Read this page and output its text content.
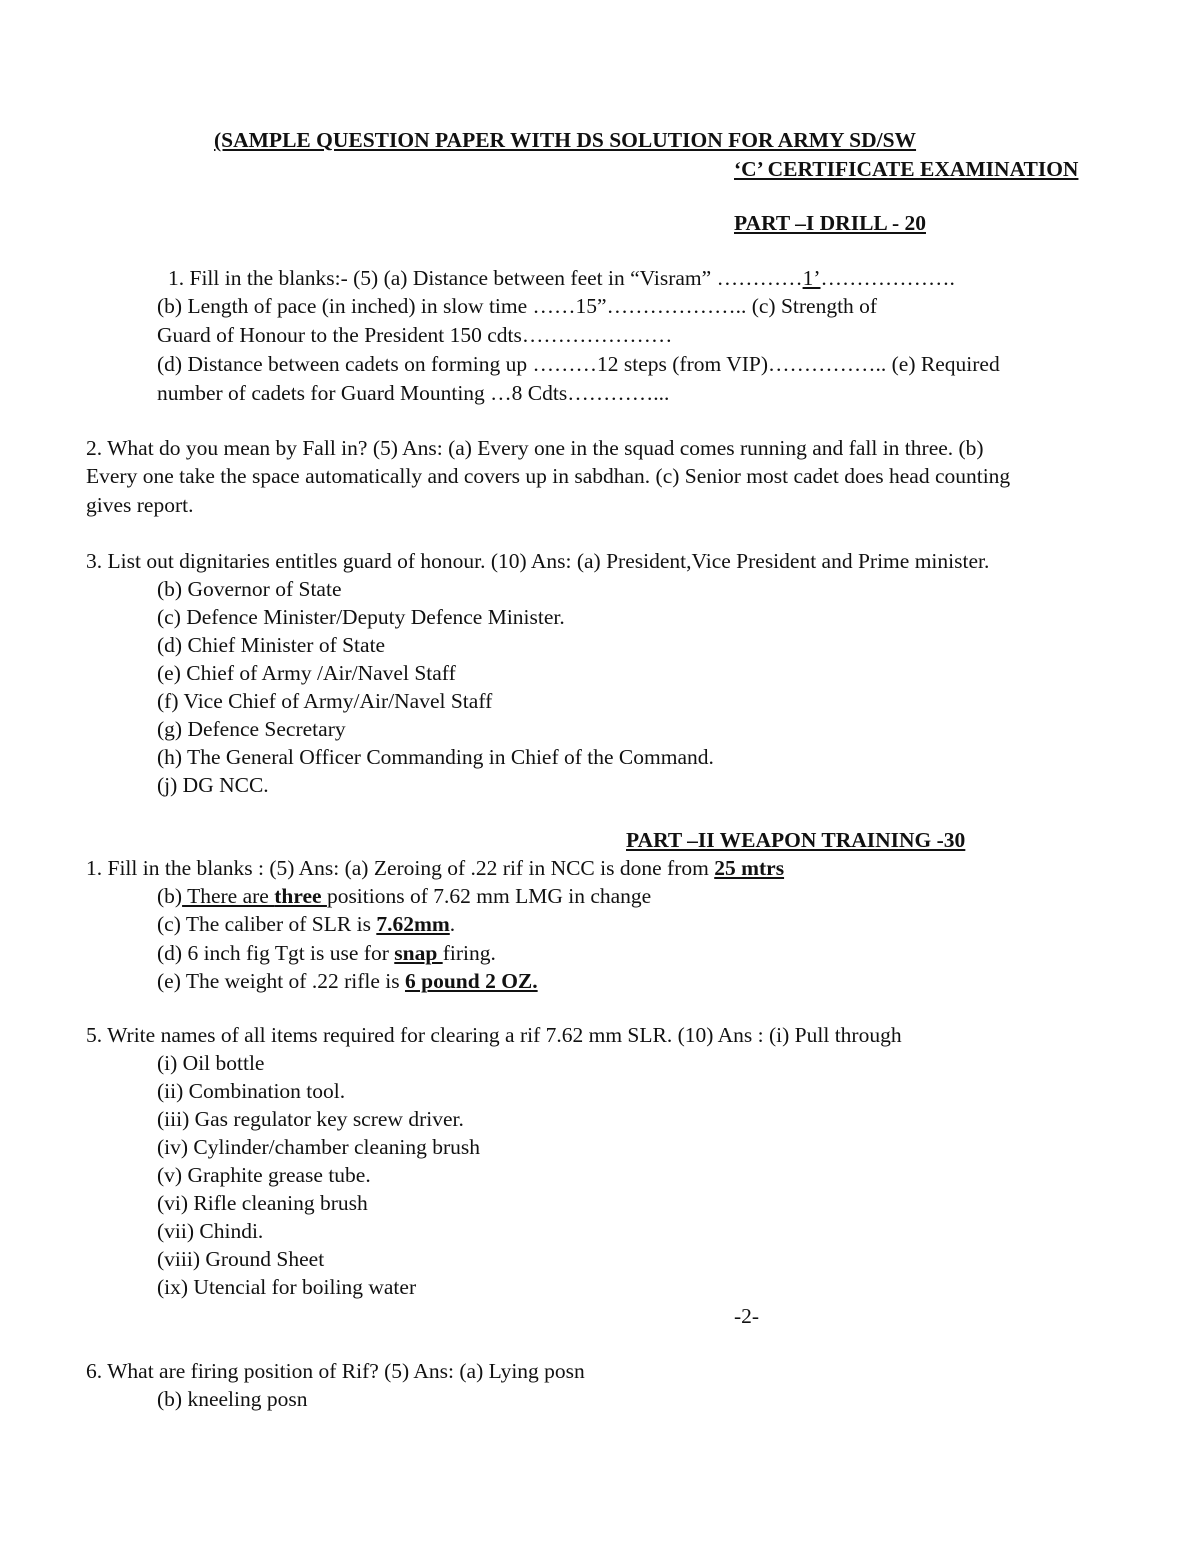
(SAMPLE QUESTION PAPER WITH DS SOLUTION FOR ARMY SD/SW
‘C’ CERTIFICATE EXAMINATION
PART –I DRILL - 20
1. Fill in the blanks:- (5) (a) Distance between feet in “Visram” …………1’……………….
(b) Length of pace (in inched) in slow time ……15”……………….. (c) Strength of
Guard of Honour to the President 150 cdts…………………
(d) Distance between cadets on forming up ………12 steps (from VIP)…………….. (e) Required
number of cadets for Guard Mounting …8 Cdts…………...
2. What do you mean by Fall in? (5) Ans: (a) Every one in the squad comes running and fall in three. (b)
Every one take the space automatically and covers up in sabdhan. (c) Senior most cadet does head counting
gives report.
3. List out dignitaries entitles guard of honour. (10) Ans: (a) President,Vice President and Prime minister.
(b) Governor of State
(c) Defence Minister/Deputy Defence Minister.
(d) Chief Minister of State
(e) Chief of Army /Air/Navel Staff
(f) Vice Chief of Army/Air/Navel Staff
(g) Defence Secretary
(h) The General Officer Commanding in Chief of the Command.
(j) DG NCC.
PART –II WEAPON TRAINING -30
1. Fill in the blanks : (5) Ans: (a) Zeroing of .22 rif in NCC is done from 25 mtrs
(b) There are three positions of 7.62 mm LMG in change
(c) The caliber of SLR is 7.62mm.
(d) 6 inch fig Tgt is use for snap firing.
(e) The weight of .22 rifle is 6 pound 2 OZ.
5. Write names of all items required for clearing a rif 7.62 mm SLR. (10) Ans : (i) Pull through
(i) Oil bottle
(ii) Combination tool.
(iii) Gas regulator key screw driver.
(iv) Cylinder/chamber cleaning brush
(v) Graphite grease tube.
(vi) Rifle cleaning brush
(vii) Chindi.
(viii) Ground Sheet
(ix) Utencial for boiling water
-2-
6. What are firing position of Rif? (5) Ans: (a) Lying posn
(b) kneeling posn
